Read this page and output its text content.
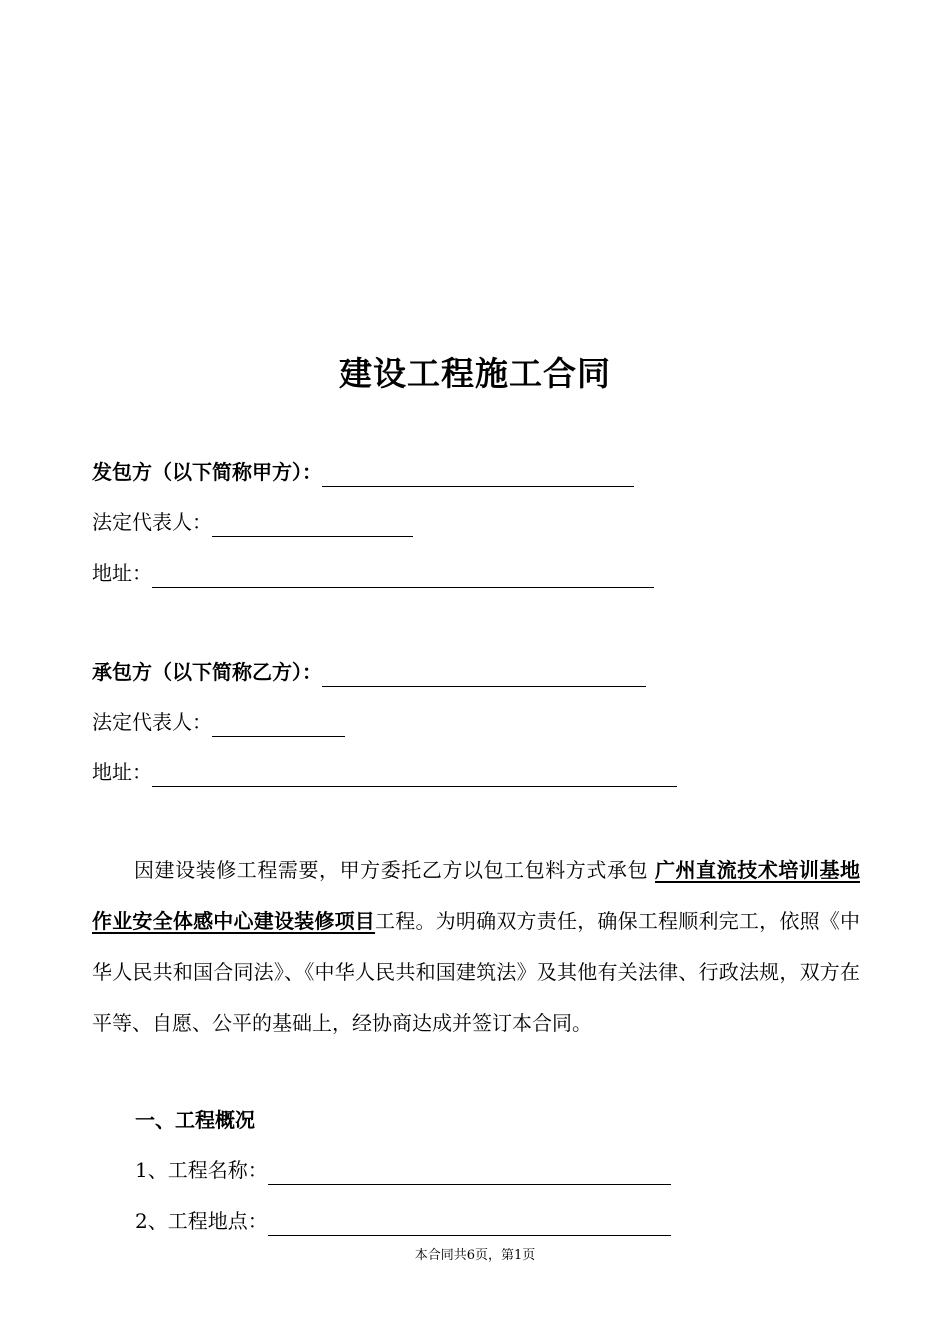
建设工程施工合同
发包方（以下简称甲方）：
法定代表人：
地址：
承包方（以下简称乙方）：
法定代表人：
地址：
因建设装修工程需要，甲方委托乙方以包工包料方式承包 广州直流技术培训基地作业安全体感中心建设装修项目工程。为明确双方责任，确保工程顺利完工，依照《中华人民共和国合同法》、《中华人民共和国建筑法》及其他有关法律、行政法规，双方在平等、自愿、公平的基础上，经协商达成并签订本合同。
一、工程概况
1、工程名称：
2、工程地点：
本合同共6页，第1页
